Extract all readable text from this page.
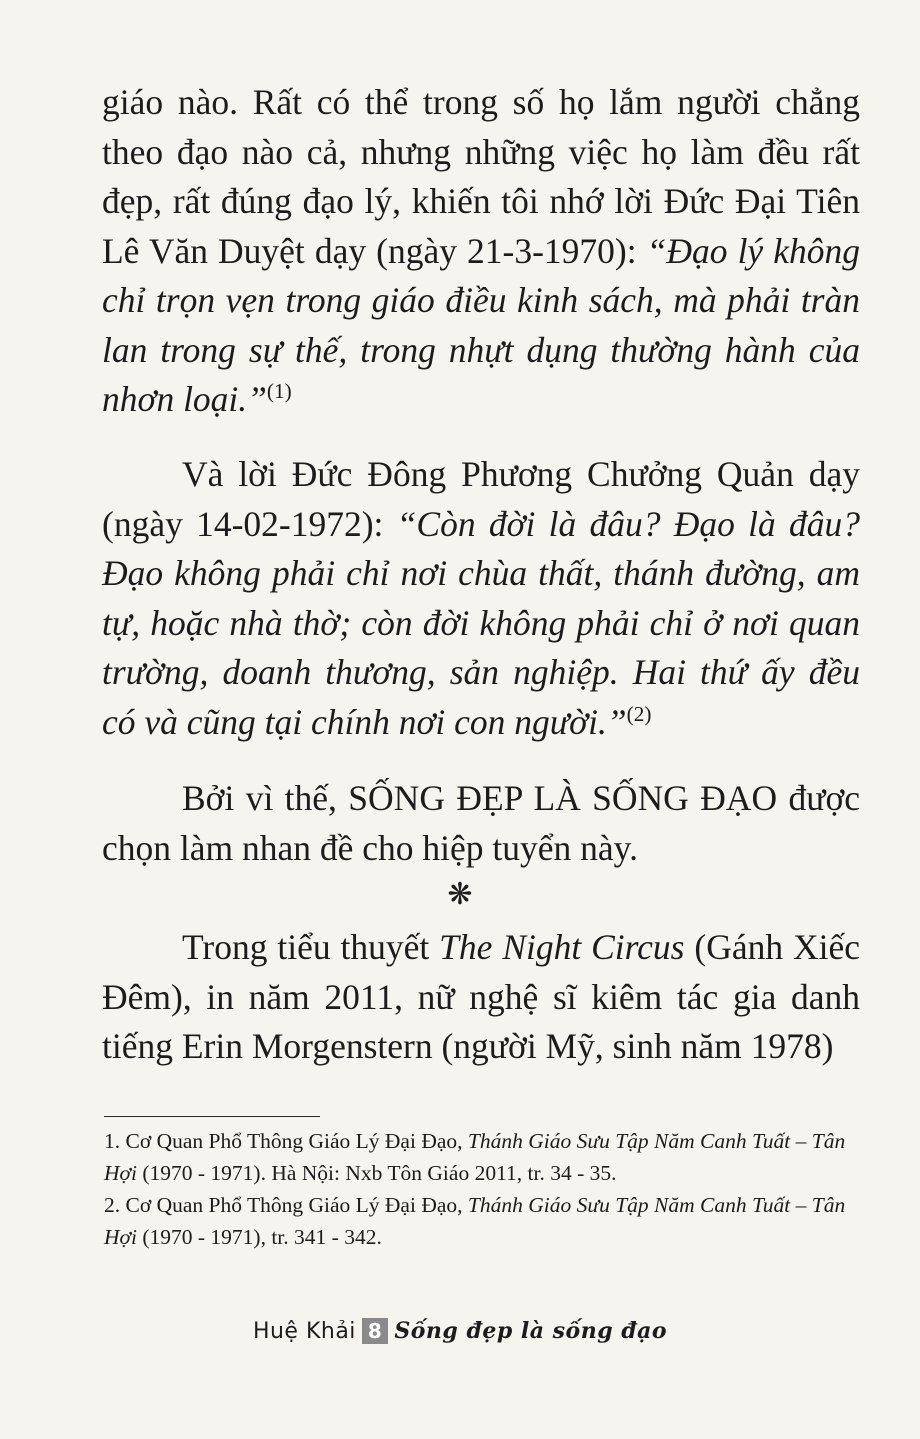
giáo nào. Rất có thể trong số họ lắm người chẳng theo đạo nào cả, nhưng những việc họ làm đều rất đẹp, rất đúng đạo lý, khiến tôi nhớ lời Đức Đại Tiên Lê Văn Duyệt dạy (ngày 21-3-1970): “Đạo lý không chỉ trọn vẹn trong giáo điều kinh sách, mà phải tràn lan trong sự thế, trong nhựt dụng thường hành của nhơn loại.”$^{(1)}$

Và lời Đức Đông Phương Chưởng Quản dạy (ngày 14-02-1972): “Còn đời là đâu? Đạo là đâu? Đạo không phải chỉ nơi chùa thất, thánh đường, am tự, hoặc nhà thờ; còn đời không phải chỉ ở nơi quan trường, doanh thương, sản nghiệp. Hai thứ ấy đều có và cũng tại chính nơi con người.”$^{(2)}$

Bởi vì thế, SỐNG ĐẸP LÀ SỐNG ĐẠO được chọn làm nhan đề cho hiệp tuyển này.

❋

Trong tiểu thuyết The Night Circus (Gánh Xiếc Đêm), in năm 2011, nữ nghệ sĩ kiêm tác gia danh tiếng Erin Morgenstern (người Mỹ, sinh năm 1978)

1. Cơ Quan Phổ Thông Giáo Lý Đại Đạo, Thánh Giáo Sưu Tập Năm Canh Tuất – Tân Hợi (1970 - 1971). Hà Nội: Nxb Tôn Giáo 2011, tr. 34 - 35.

2. Cơ Quan Phổ Thông Giáo Lý Đại Đạo, Thánh Giáo Sưu Tập Năm Canh Tuất – Tân Hợi (1970 - 1971), tr. 341 - 342.

Huệ Khải 8 Sống đẹp là sống đạo
